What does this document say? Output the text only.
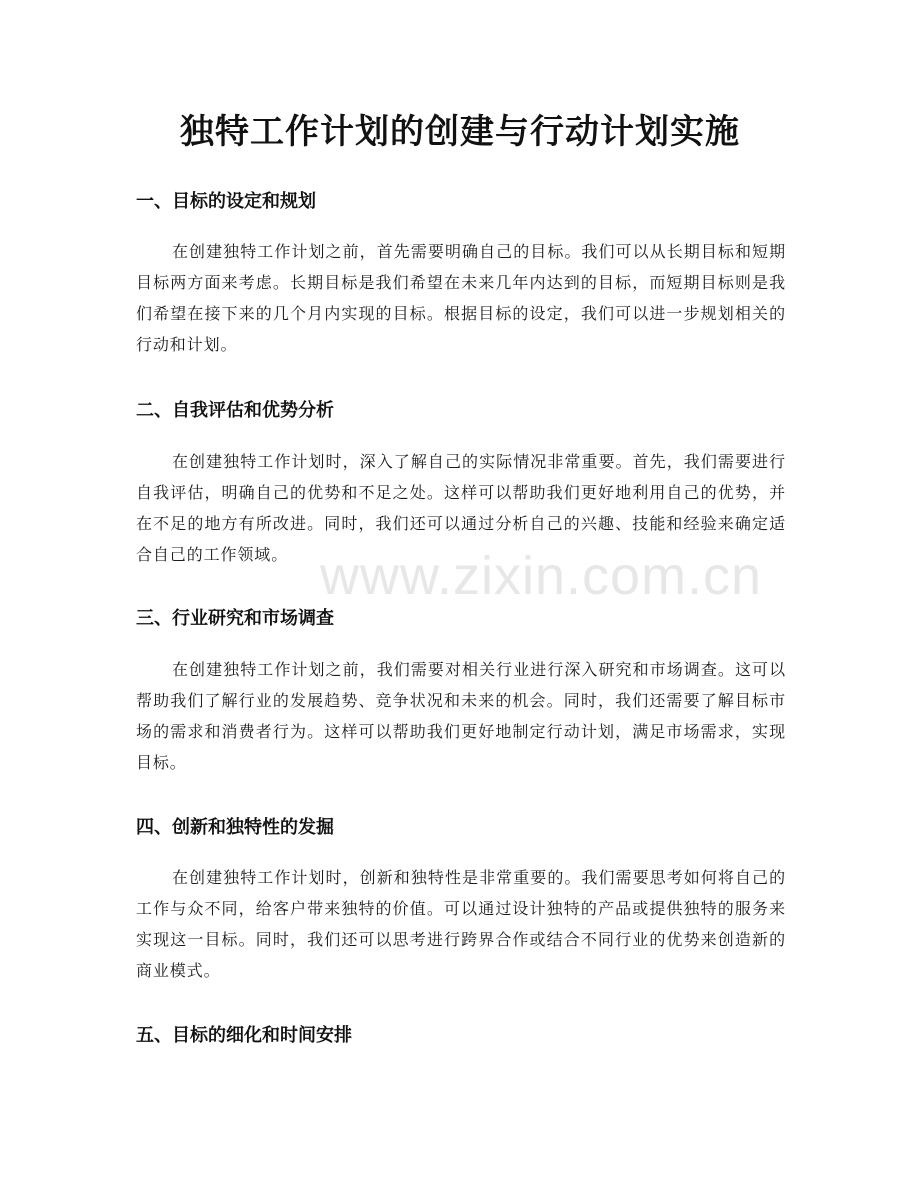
独特工作计划的创建与行动计划实施
一、目标的设定和规划

在创建独特工作计划之前，首先需要明确自己的目标。我们可以从长期目标和短期目标两方面来考虑。长期目标是我们希望在未来几年内达到的目标，而短期目标则是我们希望在接下来的几个月内实现的目标。根据目标的设定，我们可以进一步规划相关的行动和计划。

二、自我评估和优势分析

在创建独特工作计划时，深入了解自己的实际情况非常重要。首先，我们需要进行自我评估，明确自己的优势和不足之处。这样可以帮助我们更好地利用自己的优势，并在不足的地方有所改进。同时，我们还可以通过分析自己的兴趣、技能和经验来确定适合自己的工作领域。

三、行业研究和市场调查

在创建独特工作计划之前，我们需要对相关行业进行深入研究和市场调查。这可以帮助我们了解行业的发展趋势、竞争状况和未来的机会。同时，我们还需要了解目标市场的需求和消费者行为。这样可以帮助我们更好地制定行动计划，满足市场需求，实现目标。

四、创新和独特性的发掘

在创建独特工作计划时，创新和独特性是非常重要的。我们需要思考如何将自己的工作与众不同，给客户带来独特的价值。可以通过设计独特的产品或提供独特的服务来实现这一目标。同时，我们还可以思考进行跨界合作或结合不同行业的优势来创造新的商业模式。

五、目标的细化和时间安排
www.zixin.com.cn
